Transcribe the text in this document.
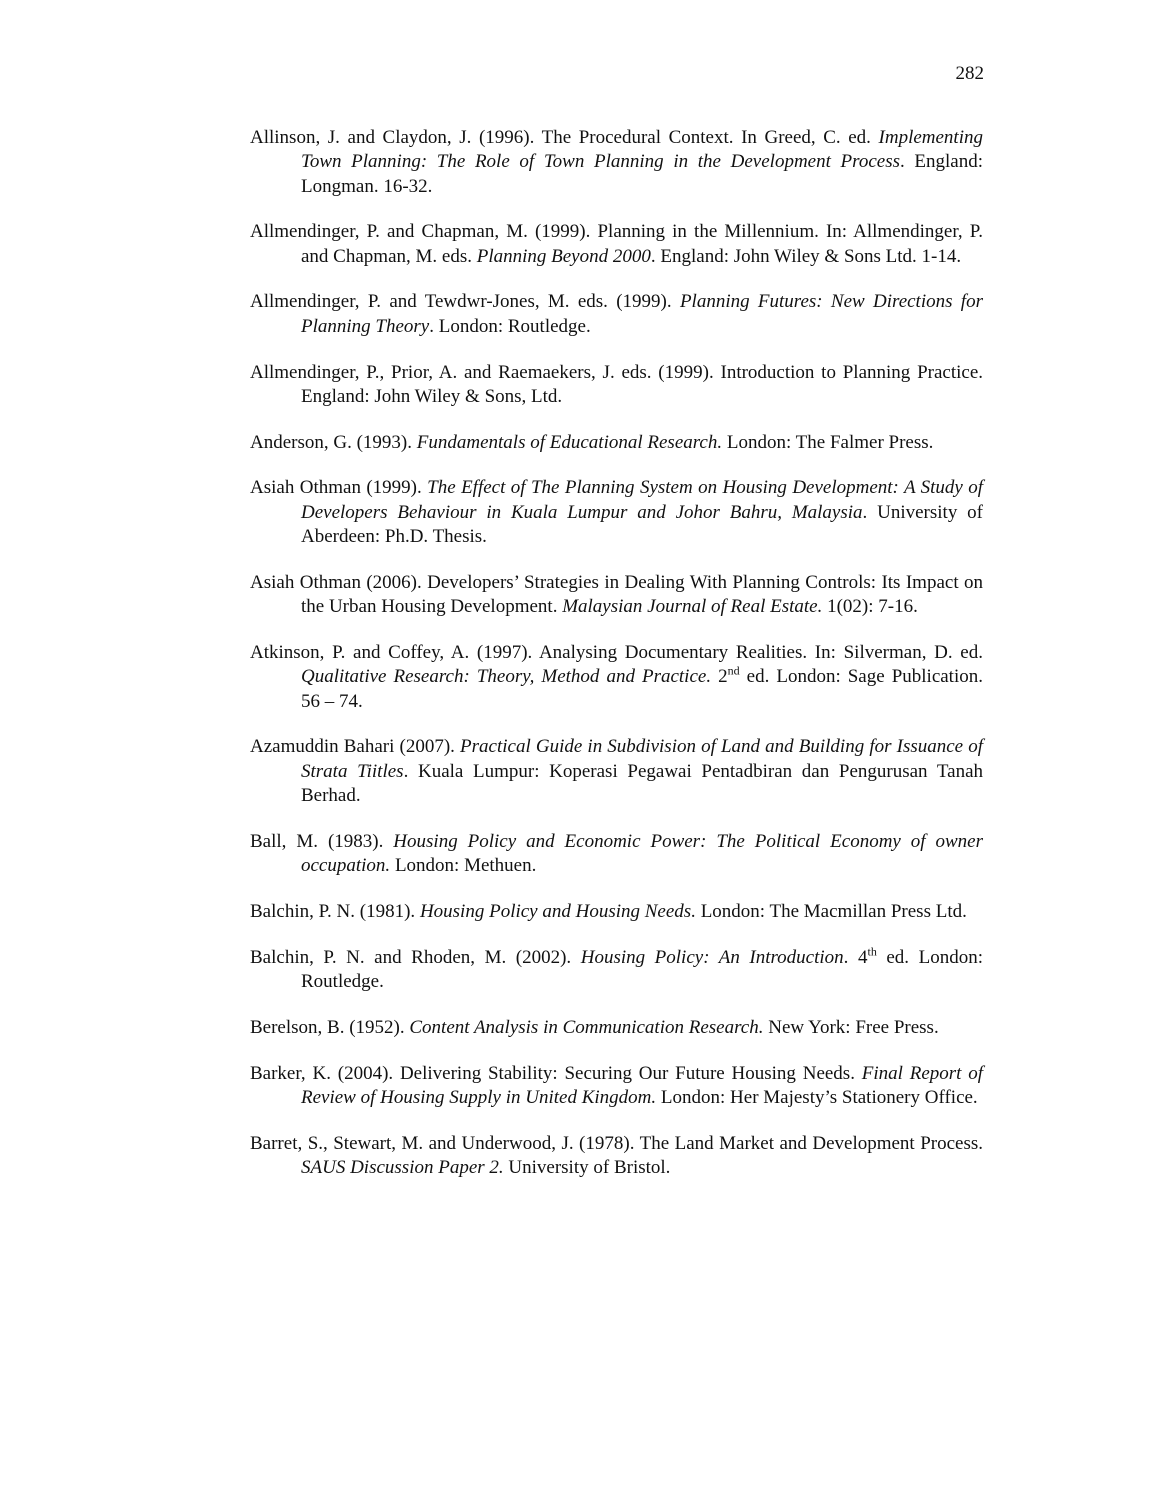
282

Allinson, J. and Claydon, J. (1996). The Procedural Context. In Greed, C. ed. Implementing Town Planning: The Role of Town Planning in the Development Process. England: Longman. 16-32.

Allmendinger, P. and Chapman, M. (1999). Planning in the Millennium. In: Allmendinger, P. and Chapman, M. eds. Planning Beyond 2000. England: John Wiley & Sons Ltd. 1-14.

Allmendinger, P. and Tewdwr-Jones, M. eds. (1999). Planning Futures: New Directions for Planning Theory. London: Routledge.

Allmendinger, P., Prior, A. and Raemaekers, J. eds. (1999). Introduction to Planning Practice. England: John Wiley & Sons, Ltd.

Anderson, G. (1993). Fundamentals of Educational Research. London: The Falmer Press.

Asiah Othman (1999). The Effect of The Planning System on Housing Development: A Study of Developers Behaviour in Kuala Lumpur and Johor Bahru, Malaysia. University of Aberdeen: Ph.D. Thesis.

Asiah Othman (2006). Developers’ Strategies in Dealing With Planning Controls: Its Impact on the Urban Housing Development. Malaysian Journal of Real Estate. 1(02): 7-16.

Atkinson, P. and Coffey, A. (1997). Analysing Documentary Realities. In: Silverman, D. ed. Qualitative Research: Theory, Method and Practice. 2nd ed. London: Sage Publication. 56 – 74.

Azamuddin Bahari (2007). Practical Guide in Subdivision of Land and Building for Issuance of Strata Tiitles. Kuala Lumpur: Koperasi Pegawai Pentadbiran dan Pengurusan Tanah Berhad.

Ball, M. (1983). Housing Policy and Economic Power: The Political Economy of owner occupation. London: Methuen.

Balchin, P. N. (1981). Housing Policy and Housing Needs. London: The Macmillan Press Ltd.

Balchin, P. N. and Rhoden, M. (2002). Housing Policy: An Introduction. 4th ed. London: Routledge.

Berelson, B. (1952). Content Analysis in Communication Research. New York: Free Press.

Barker, K. (2004). Delivering Stability: Securing Our Future Housing Needs. Final Report of Review of Housing Supply in United Kingdom. London: Her Majesty’s Stationery Office.

Barret, S., Stewart, M. and Underwood, J. (1978). The Land Market and Development Process. SAUS Discussion Paper 2. University of Bristol.
